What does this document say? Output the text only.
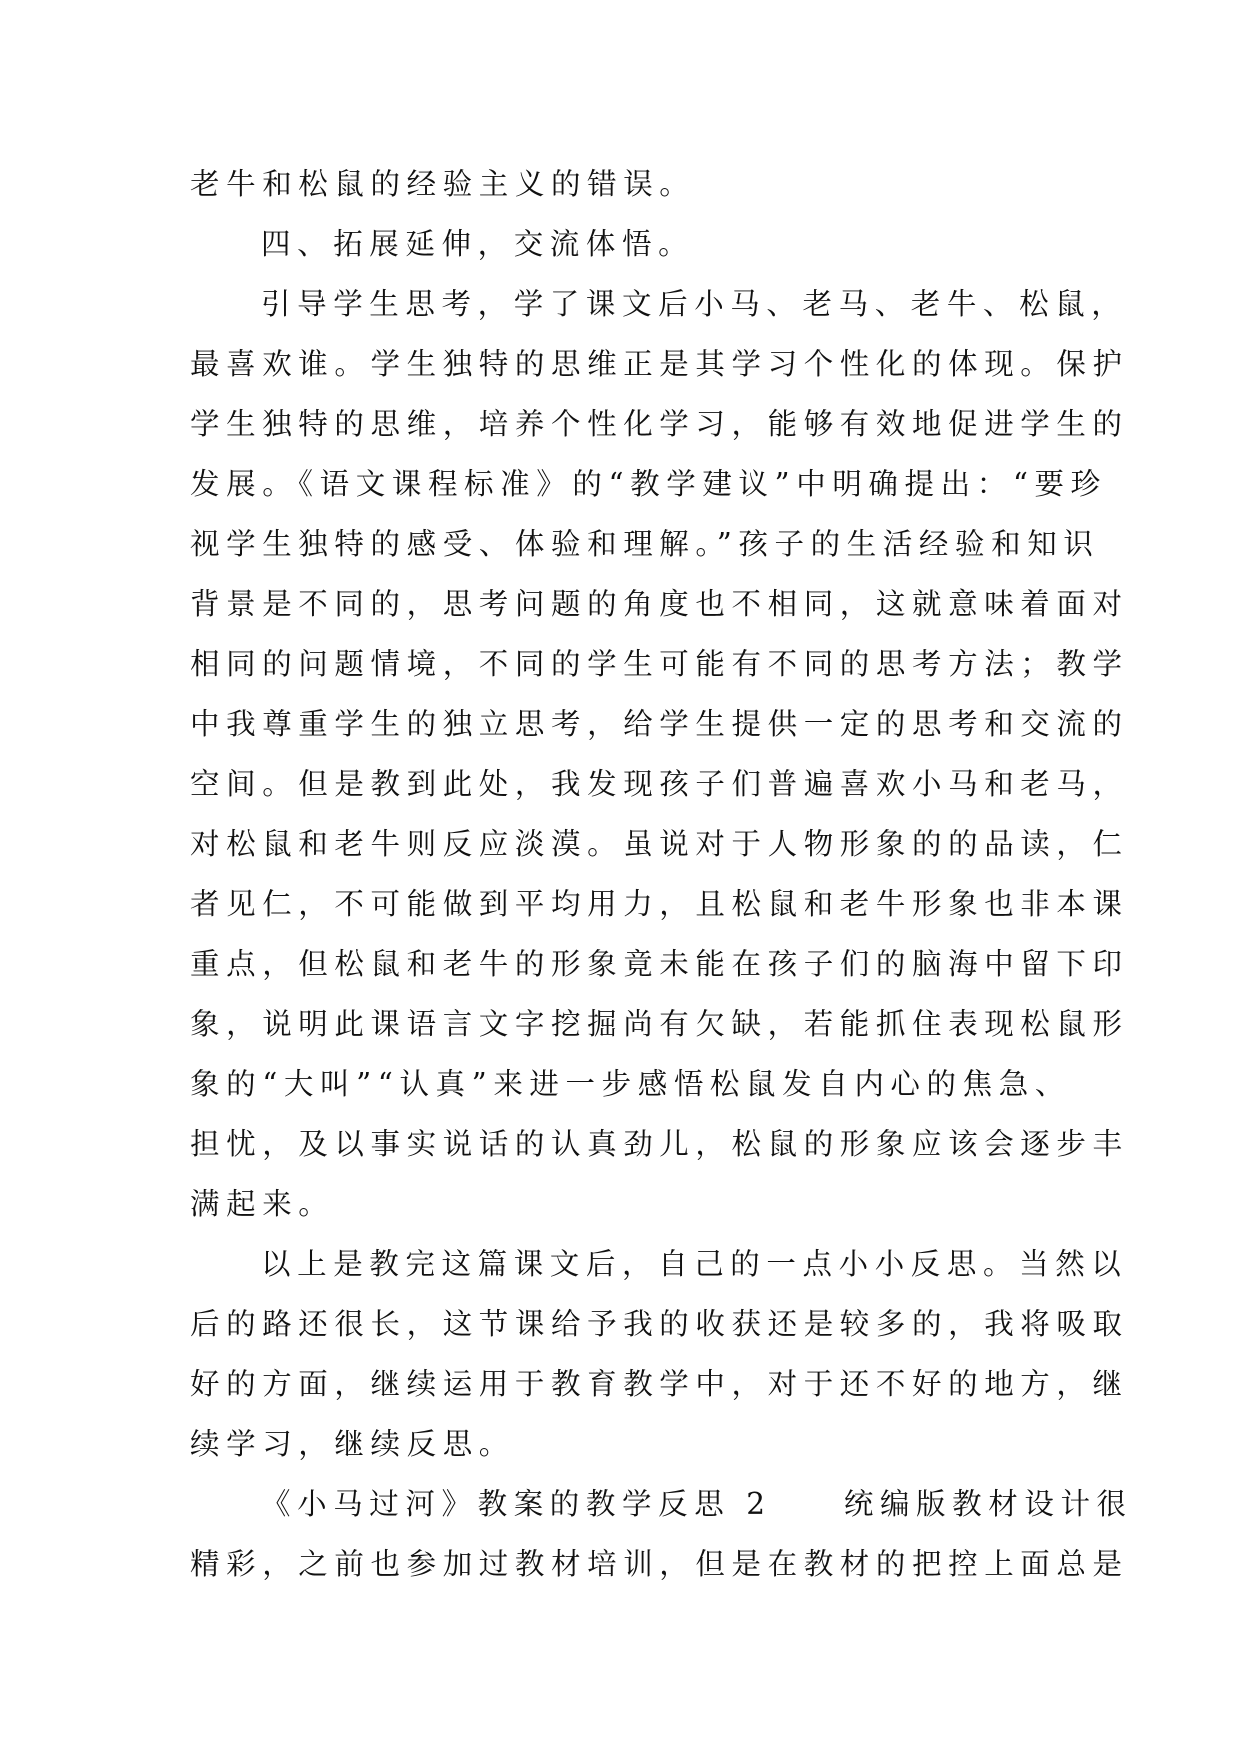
老牛和松鼠的经验主义的错误。
四、拓展延伸，交流体悟。
引导学生思考，学了课文后小马、老马、老牛、松鼠，
最喜欢谁。学生独特的思维正是其学习个性化的体现。保护
学生独特的思维，培养个性化学习，能够有效地促进学生的
发展。《语文课程标准》的“教学建议”中明确提出：“要珍
视学生独特的感受、体验和理解。”孩子的生活经验和知识
背景是不同的，思考问题的角度也不相同，这就意味着面对
相同的问题情境，不同的学生可能有不同的思考方法；教学
中我尊重学生的独立思考，给学生提供一定的思考和交流的
空间。但是教到此处，我发现孩子们普遍喜欢小马和老马，
对松鼠和老牛则反应淡漠。虽说对于人物形象的的品读，仁
者见仁，不可能做到平均用力，且松鼠和老牛形象也非本课
重点，但松鼠和老牛的形象竟未能在孩子们的脑海中留下印
象，说明此课语言文字挖掘尚有欠缺，若能抓住表现松鼠形
象的“大叫”“认真”来进一步感悟松鼠发自内心的焦急、
担忧，及以事实说话的认真劲儿，松鼠的形象应该会逐步丰
满起来。
以上是教完这篇课文后，自己的一点小小反思。当然以
后的路还很长，这节课给予我的收获还是较多的，我将吸取
好的方面，继续运用于教育教学中，对于还不好的地方，继
续学习，继续反思。
《小马过河》教案的教学反思 2　　统编版教材设计很
精彩，之前也参加过教材培训，但是在教材的把控上面总是
